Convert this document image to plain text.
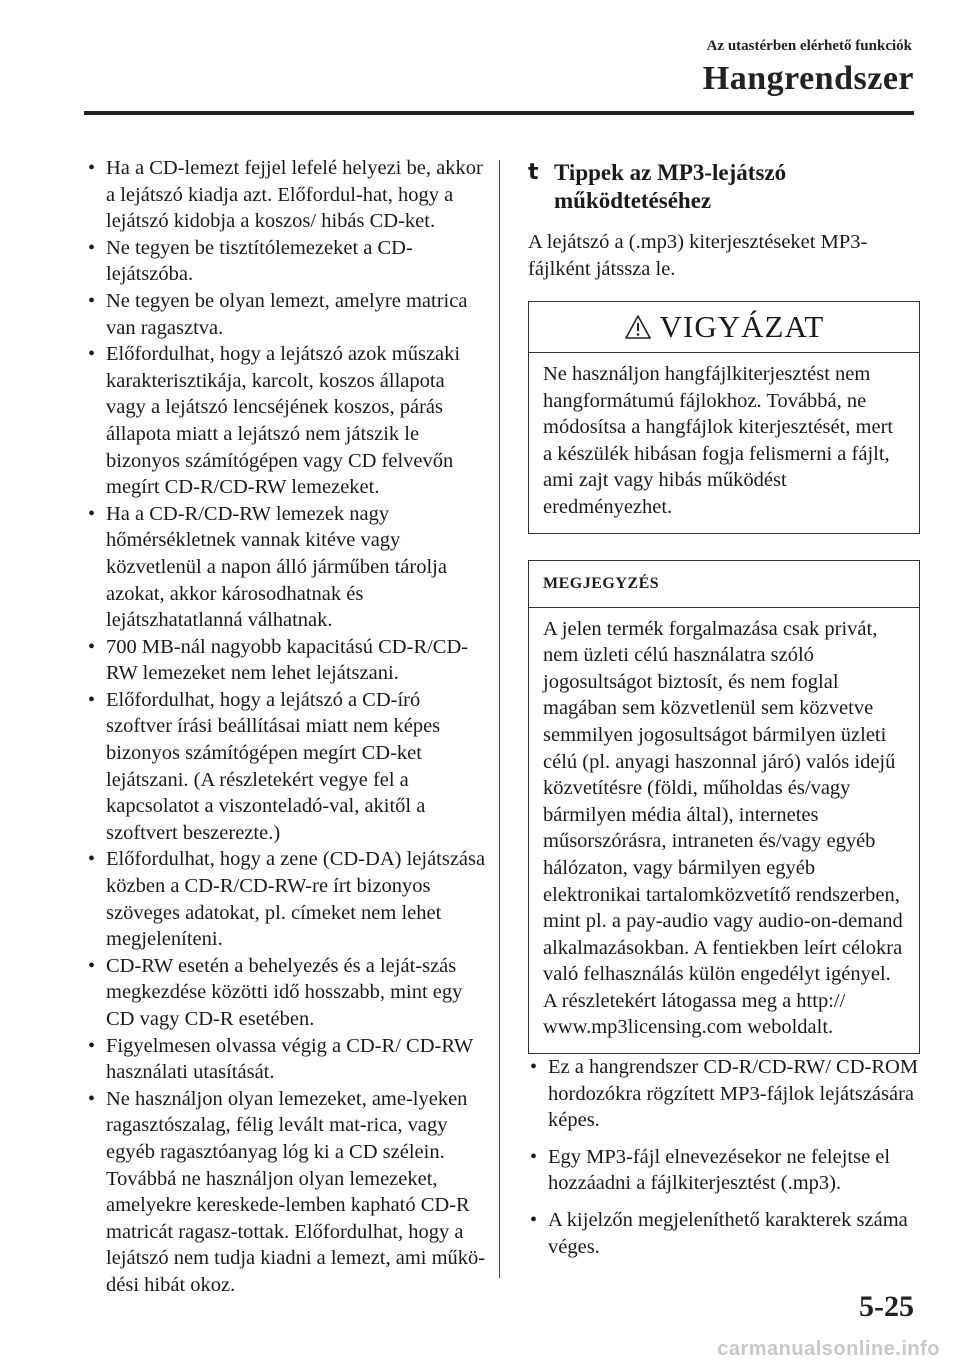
Az utastérben elérhető funkciók
Hangrendszer
• Ha a CD-lemezt fejjel lefelé helyezi be, akkor a lejátszó kiadja azt. Előfordul-hat, hogy a lejátszó kidobja a koszos/ hibás CD-ket.
• Ne tegyen be tisztítólemezeket a CD-lejátszóba.
• Ne tegyen be olyan lemezt, amelyre matrica van ragasztva.
• Előfordulhat, hogy a lejátszó azok műszaki karakterisztikája, karcolt, koszos állapota vagy a lejátszó lencséjének koszos, párás állapota miatt a lejátszó nem játszik le bizonyos számítógépen vagy CD felvevőn megírt CD-R/CD-RW lemezeket.
• Ha a CD-R/CD-RW lemezek nagy hőmérsékletnek vannak kitéve vagy közvetlenül a napon álló járműben tárolja azokat, akkor károsodhatnak és lejátszhatatlanná válhatnak.
• 700 MB-nál nagyobb kapacitású CD-R/CD-RW lemezeket nem lehet lejátszani.
• Előfordulhat, hogy a lejátszó a CD-író szoftver írási beállításai miatt nem képes bizonyos számítógépen megírt CD-ket lejátszani. (A részletekért vegye fel a kapcsolatot a viszonteladó-val, akitől a szoftvert beszerezte.)
• Előfordulhat, hogy a zene (CD-DA) lejátszása közben a CD-R/CD-RW-re írt bizonyos szöveges adatokat, pl. címeket nem lehet megjeleníteni.
• CD-RW esetén a behelyezés és a leját-szás megkezdése közötti idő hosszabb, mint egy CD vagy CD-R esetében.
• Figyelmesen olvassa végig a CD-R/ CD-RW használati utasítását.
• Ne használjon olyan lemezeket, ame-lyeken ragasztószalag, félig levált mat-rica, vagy egyéb ragasztóanyag lóg ki a CD szélein. Továbbá ne használjon olyan lemezeket, amelyekre kereskede-lemben kapható CD-R matricát ragasz-tottak. Előfordulhat, hogy a lejátszó nem tudja kiadni a lemezt, ami műkö-dési hibát okoz.
t Tippek az MP3-lejátszó működtetéséhez
A lejátszó a (.mp3) kiterjesztéseket MP3-fájlként játssza le.
VIGYÁZAT
Ne használjon hangfájlkiterjesztést nem hangformátumú fájlokhoz. Továbbá, ne módosítsa a hangfájlok kiterjesztését, mert a készülék hibásan fogja felismerni a fájlt, ami zajt vagy hibás működést eredményezhet.
MEGJEGYZÉS
A jelen termék forgalmazása csak privát, nem üzleti célú használatra szóló jogosultságot biztosít, és nem foglal magában sem közvetlenül sem közvetve semmilyen jogosultságot bármilyen üzleti célú (pl. anyagi haszonnal járó) valós idejű közvetítésre (földi, műholdas és/vagy bármilyen média által), internetes műsorszórásra, intraneten és/vagy egyéb hálózaton, vagy bármilyen egyéb elektronikai tartalomközvetítő rendszerben, mint pl. a pay-audio vagy audio-on-demand alkalmazásokban. A fentiekben leírt célokra való felhasználás külön engedélyt igényel. A részletekért látogassa meg a http:// www.mp3licensing.com weboldalt.
• Ez a hangrendszer CD-R/CD-RW/ CD-ROM hordozókra rögzített MP3-fájlok lejátszására képes.
• Egy MP3-fájl elnevezésekor ne felejtse el hozzáadni a fájlkiterjesztést (.mp3).
• A kijelzőn megjeleníthető karakterek száma véges.
5-25
carmanualsonline.info
